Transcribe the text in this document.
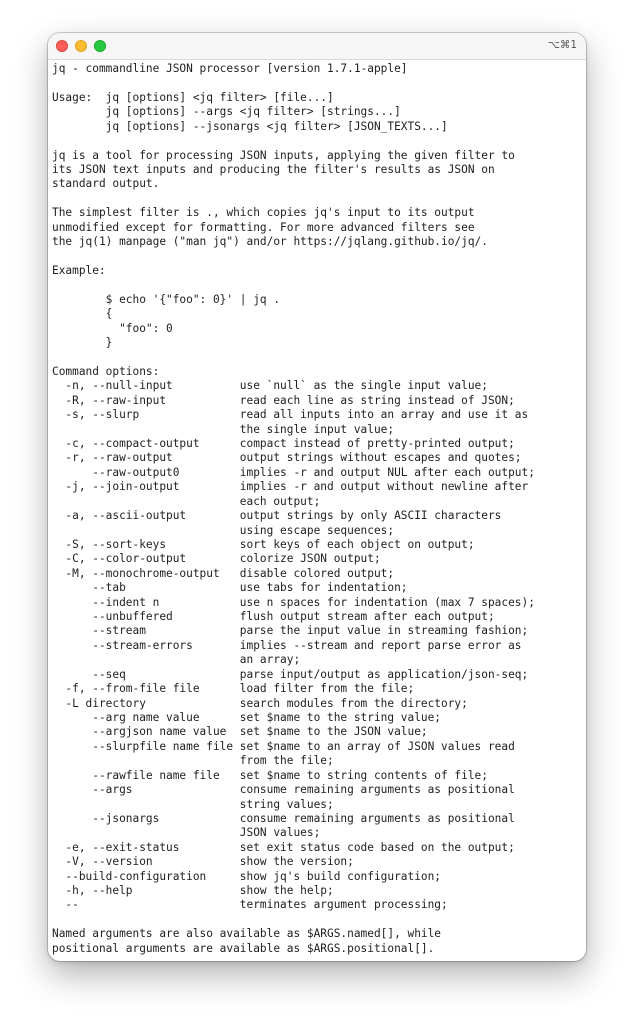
⌥⌘1
jq - commandline JSON processor [version 1.7.1-apple]
Usage:  jq [options] <jq filter> [file...]
jq [options] --args <jq filter> [strings...]
jq [options] --jsonargs <jq filter> [JSON_TEXTS...]
jq is a tool for processing JSON inputs, applying the given filter to
its JSON text inputs and producing the filter's results as JSON on
standard output.
The simplest filter is ., which copies jq's input to its output
unmodified except for formatting. For more advanced filters see
the jq(1) manpage ("man jq") and/or https://jqlang.github.io/jq/.
Example:
$ echo '{"foo": 0}' | jq .
{
"foo": 0
}
Command options:
-n, --null-input          use `null` as the single input value;
-R, --raw-input           read each line as string instead of JSON;
-s, --slurp               read all inputs into an array and use it as
the single input value;
-c, --compact-output      compact instead of pretty-printed output;
-r, --raw-output          output strings without escapes and quotes;
--raw-output0         implies -r and output NUL after each output;
-j, --join-output         implies -r and output without newline after
each output;
-a, --ascii-output        output strings by only ASCII characters
using escape sequences;
-S, --sort-keys           sort keys of each object on output;
-C, --color-output        colorize JSON output;
-M, --monochrome-output   disable colored output;
--tab                 use tabs for indentation;
--indent n            use n spaces for indentation (max 7 spaces);
--unbuffered          flush output stream after each output;
--stream              parse the input value in streaming fashion;
--stream-errors       implies --stream and report parse error as
an array;
--seq                 parse input/output as application/json-seq;
-f, --from-file file      load filter from the file;
-L directory              search modules from the directory;
--arg name value      set $name to the string value;
--argjson name value  set $name to the JSON value;
--slurpfile name file set $name to an array of JSON values read
from the file;
--rawfile name file   set $name to string contents of file;
--args                consume remaining arguments as positional
string values;
--jsonargs            consume remaining arguments as positional
JSON values;
-e, --exit-status         set exit status code based on the output;
-V, --version             show the version;
--build-configuration     show jq's build configuration;
-h, --help                show the help;
--                        terminates argument processing;
Named arguments are also available as $ARGS.named[], while
positional arguments are available as $ARGS.positional[].
